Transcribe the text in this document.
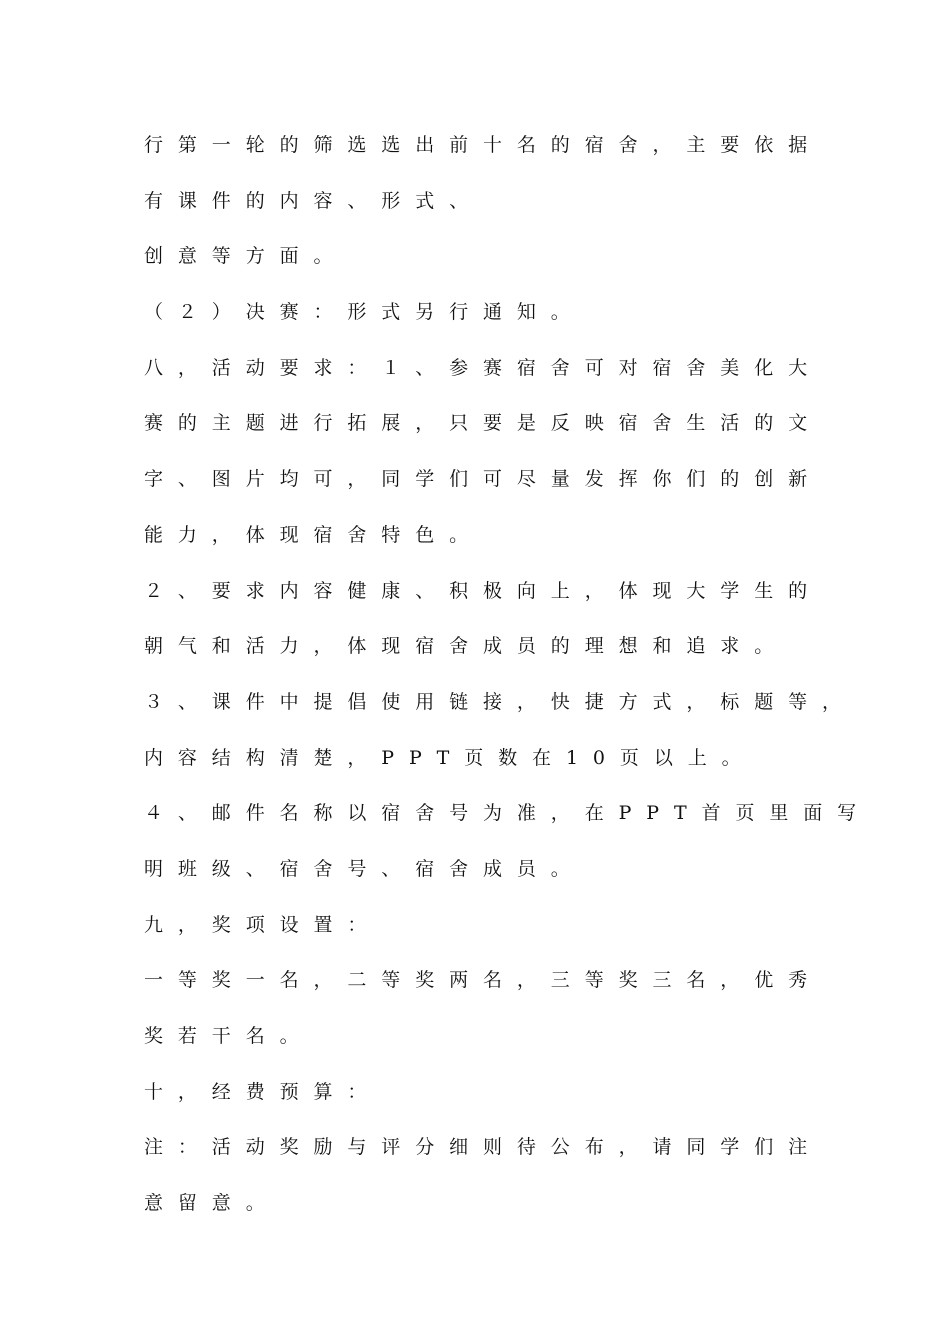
行第一轮的筛选选出前十名的宿舍，主要依据
有课件的内容、形式、
创意等方面。
（２）决赛：形式另行通知。
八，活动要求：１、参赛宿舍可对宿舍美化大
赛的主题进行拓展，只要是反映宿舍生活的文
字、图片均可，同学们可尽量发挥你们的创新
能力，体现宿舍特色。
２、要求内容健康、积极向上，体现大学生的
朝气和活力，体现宿舍成员的理想和追求。
３、课件中提倡使用链接，快捷方式，标题等，
内容结构清楚，PPT页数在10页以上。
４、邮件名称以宿舍号为准，在PPT首页里面写
明班级、宿舍号、宿舍成员。
九，奖项设置：
一等奖一名，二等奖两名，三等奖三名，优秀
奖若干名。
十，经费预算：
注：活动奖励与评分细则待公布，请同学们注
意留意。
